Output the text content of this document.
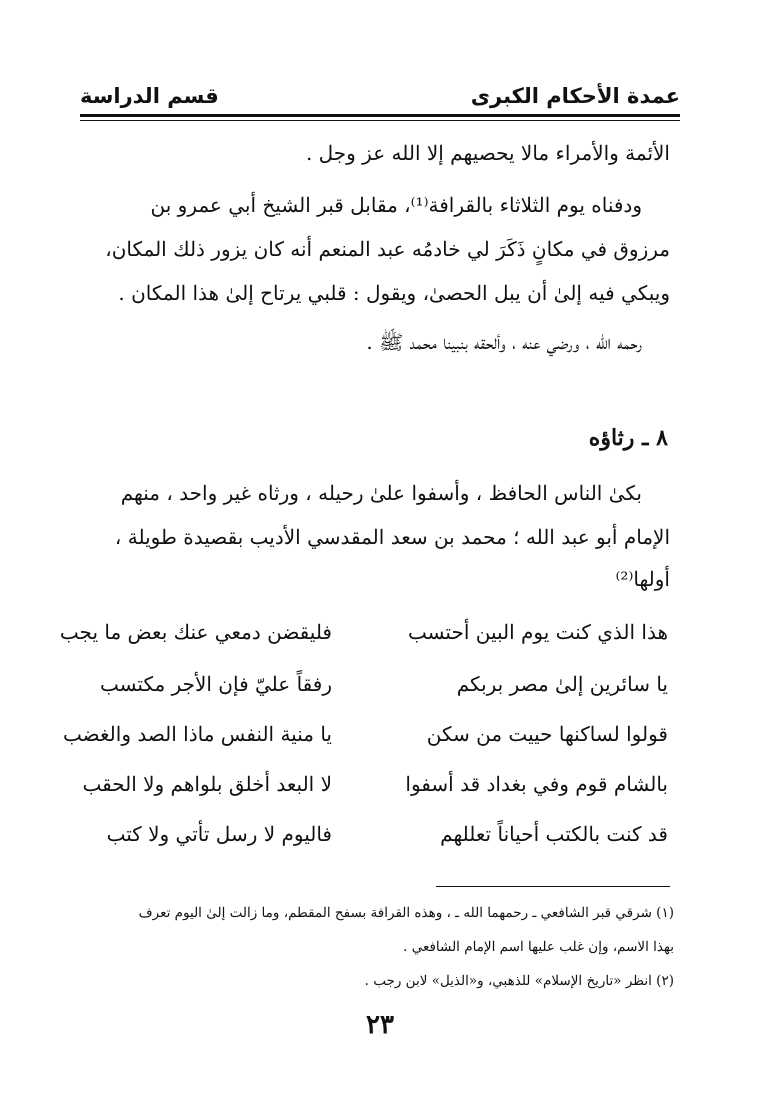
عمدة الأحكام الكبرى
قسم الدراسة
الأئمة والأمراء مالا يحصيهم إلا الله عز وجل .
ودفناه يوم الثلاثاء بالقرافة⁽¹⁾، مقابل قبر الشيخ أبي عمرو بن
مرزوق في مكانٍ ذَكَرَ لي خادمُه عبد المنعم أنه كان يزور ذلك المكان،
ويبكي فيه إلىٰ أن يبل الحصىٰ، ويقول : قلبي يرتاح إلىٰ هذا المكان .
رحمه الله ، ورضي عنه ، وألحقه بنبينا محمد ﷺ .
٨ ـ رثاؤه
بكىٰ الناس الحافظ ، وأسفوا علىٰ رحيله ، ورثاه غير واحد ، منهم
الإمام أبو عبد الله ؛ محمد بن سعد المقدسي الأديب بقصيدة طويلة ،
أولها⁽²⁾
هذا الذي كنت يوم البين أحتسب
فليقضن دمعي عنك بعض ما يجب
يا سائرين إلىٰ مصر بربكم
رفقاً عليّ فإن الأجر مكتسب
قولوا لساكنها حييت من سكن
يا منية النفس ماذا الصد والغضب
بالشام قوم وفي بغداد قد أسفوا
لا البعد أخلق بلواهم ولا الحقب
قد كنت بالكتب أحياناً تعللهم
فاليوم لا رسل تأتي ولا كتب
(١) شرقي قبر الشافعي ـ رحمهما الله ـ ، وهذه القرافة بسفح المقطم، وما زالت إلىٰ اليوم تعرف
بهذا الاسم، وإن غلب عليها اسم الإمام الشافعي .
(٢) انظر «تاريخ الإسلام» للذهبي، و«الذيل» لابن رجب .
٢٣
